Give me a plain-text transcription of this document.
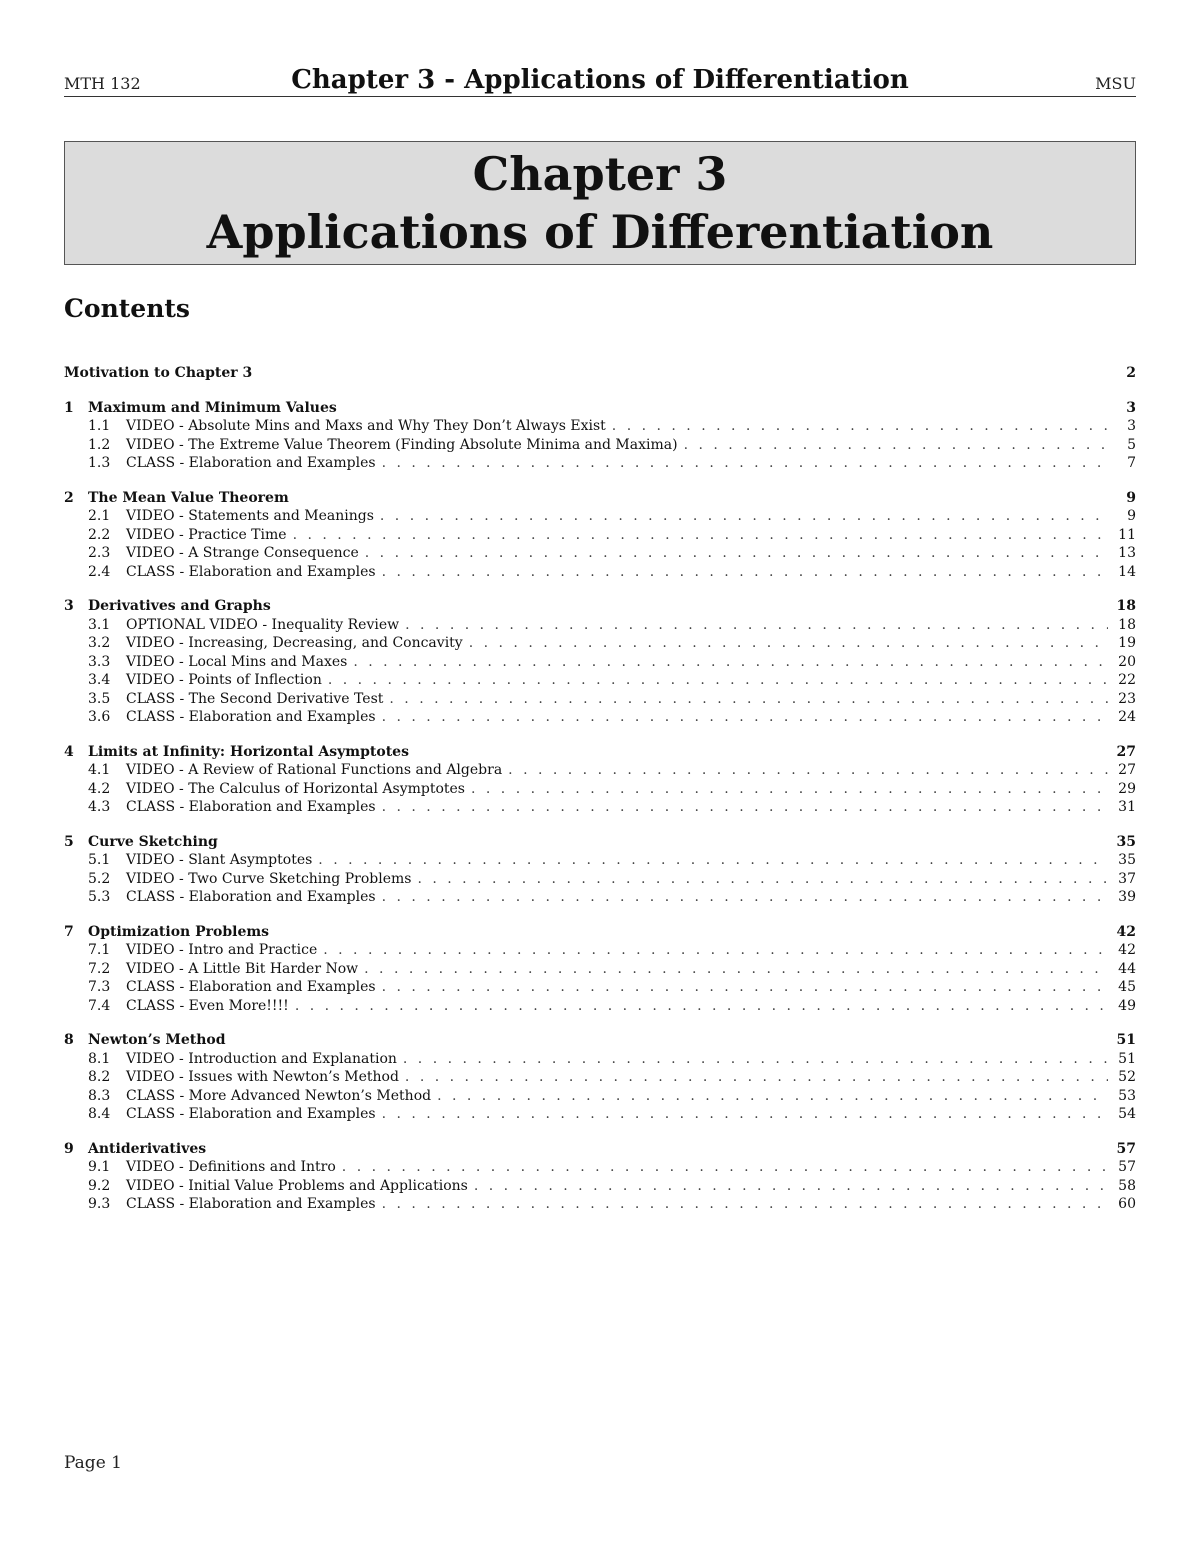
MTH 132	Chapter 3 - Applications of Differentiation	MSU
Chapter 3
Applications of Differentiation
Contents
Motivation to Chapter 3	2
1	Maximum and Minimum Values	3
1.1	VIDEO - Absolute Mins and Maxs and Why They Don’t Always Exist . . .	3
1.2	VIDEO - The Extreme Value Theorem (Finding Absolute Minima and Maxima) . . .	5
1.3	CLASS - Elaboration and Examples . . .	7
2	The Mean Value Theorem	9
2.1	VIDEO - Statements and Meanings . . .	9
2.2	VIDEO - Practice Time . . .	11
2.3	VIDEO - A Strange Consequence . . .	13
2.4	CLASS - Elaboration and Examples . . .	14
3	Derivatives and Graphs	18
3.1	OPTIONAL VIDEO - Inequality Review . . .	18
3.2	VIDEO - Increasing, Decreasing, and Concavity . . .	19
3.3	VIDEO - Local Mins and Maxes . . .	20
3.4	VIDEO - Points of Inflection . . .	22
3.5	CLASS - The Second Derivative Test . . .	23
3.6	CLASS - Elaboration and Examples . . .	24
4	Limits at Infinity: Horizontal Asymptotes	27
4.1	VIDEO - A Review of Rational Functions and Algebra . . .	27
4.2	VIDEO - The Calculus of Horizontal Asymptotes . . .	29
4.3	CLASS - Elaboration and Examples . . .	31
5	Curve Sketching	35
5.1	VIDEO - Slant Asymptotes . . .	35
5.2	VIDEO - Two Curve Sketching Problems . . .	37
5.3	CLASS - Elaboration and Examples . . .	39
7	Optimization Problems	42
7.1	VIDEO - Intro and Practice . . .	42
7.2	VIDEO - A Little Bit Harder Now . . .	44
7.3	CLASS - Elaboration and Examples . . .	45
7.4	CLASS - Even More!!!! . . .	49
8	Newton’s Method	51
8.1	VIDEO - Introduction and Explanation . . .	51
8.2	VIDEO - Issues with Newton’s Method . . .	52
8.3	CLASS - More Advanced Newton’s Method . . .	53
8.4	CLASS - Elaboration and Examples . . .	54
9	Antiderivatives	57
9.1	VIDEO - Definitions and Intro . . .	57
9.2	VIDEO - Initial Value Problems and Applications . . .	58
9.3	CLASS - Elaboration and Examples . . .	60
Page 1
